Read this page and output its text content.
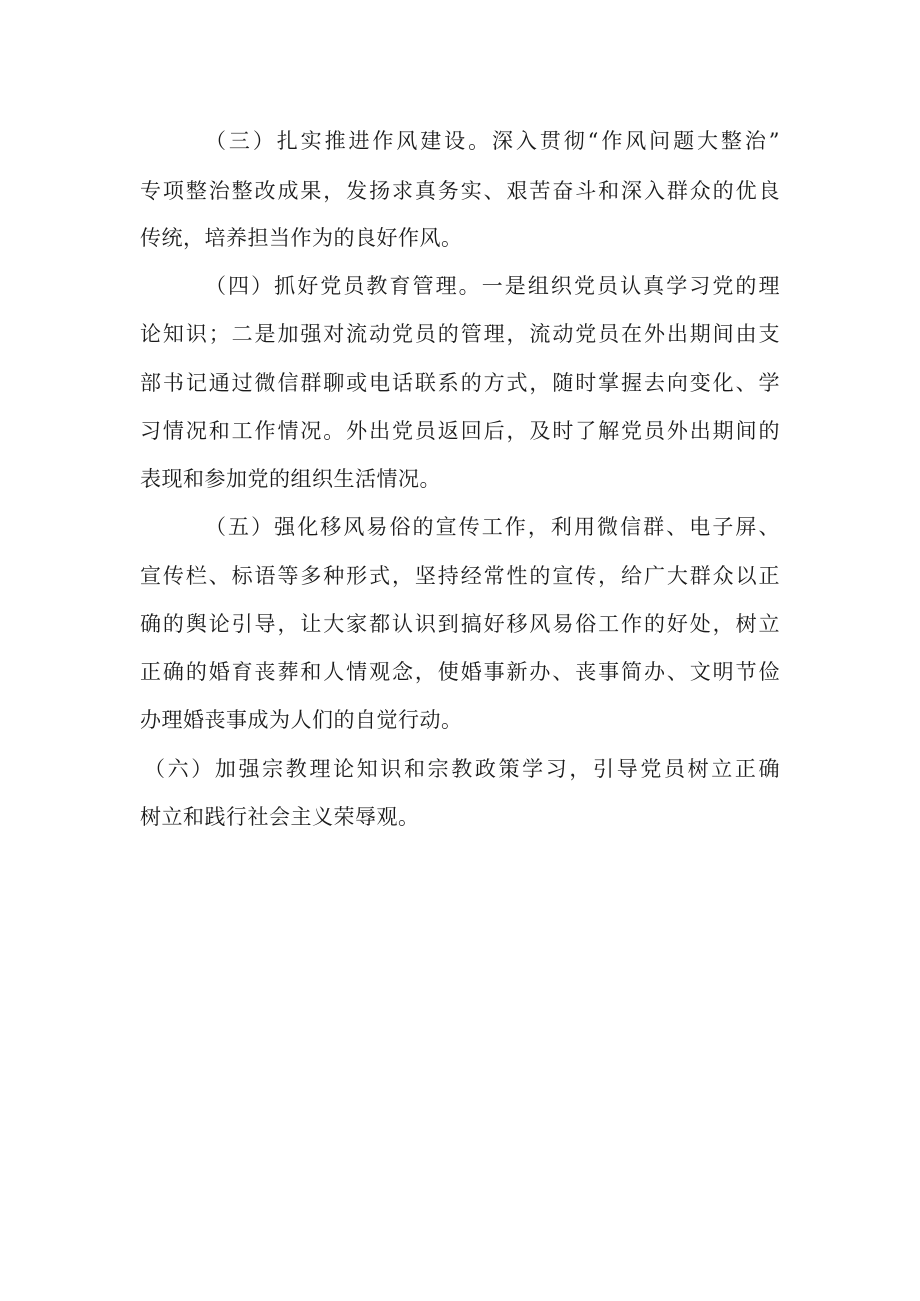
（三）扎实推进作风建设。深入贯彻“作风问题大整治”
专项整治整改成果，发扬求真务实、艰苦奋斗和深入群众的优良
传统，培养担当作为的良好作风。
（四）抓好党员教育管理。一是组织党员认真学习党的理
论知识；二是加强对流动党员的管理，流动党员在外出期间由支
部书记通过微信群聊或电话联系的方式，随时掌握去向变化、学
习情况和工作情况。外出党员返回后，及时了解党员外出期间的
表现和参加党的组织生活情况。
（五）强化移风易俗的宣传工作，利用微信群、电子屏、
宣传栏、标语等多种形式，坚持经常性的宣传，给广大群众以正
确的舆论引导，让大家都认识到搞好移风易俗工作的好处，树立
正确的婚育丧葬和人情观念，使婚事新办、丧事简办、文明节俭
办理婚丧事成为人们的自觉行动。
（六）加强宗教理论知识和宗教政策学习，引导党员树立正确
树立和践行社会主义荣辱观。
